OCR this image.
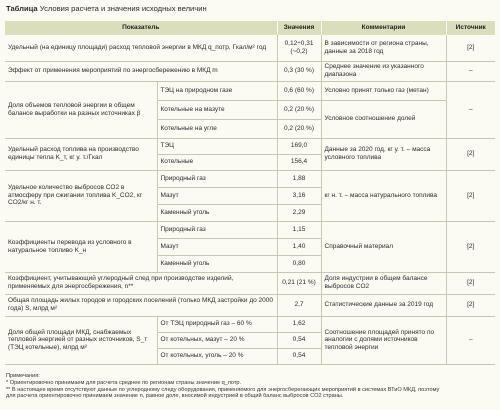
Таблица Условия расчета и значения исходных величин
Показатель		Значения	Комментарии	Источник
Удельный (на единицу площади) расход тепловой энергии в МКД q_потр, Гкал/м² год		0,12÷0,31 (~0,2)	В зависимости от региона страны, данные за 2018 год	[2]
Эффект от применения мероприятий по энергосбережению в МКД m		0,3 (30 %)	Среднее значение из указанного диапазона	–
Доля объемов тепловой энергии в общем балансе выработки на разных источниках β	ТЭЦ на природном газе	0,6 (60 %)	Условно принят только газ (метан)	–
	Котельные на мазуте	0,2 (20 %)	Условное соотношение долей	
	Котельные на угле	0,2 (20 %)		
Удельный расход топлива на производство единицы тепла K_т, кг у. т./Гкал	ТЭЦ	169,0	Данные за 2020 год, кг у. т. – масса условного топлива	[2]
	Котельные	156,4		
Удельное количество выбросов CO2 в атмосферу при сжигании топлива K_CO2, кг CO2/кг н. т.	Природный газ	1,88	кг н. т. – масса натурального топлива	[2]
	Мазут	3,16		
	Каменный уголь	2,29		
Коэффициенты перевода из условного в натуральное топливо K_н	Природный газ	1,15	Справочный материал	[2]
	Мазут	1,40		
	Каменный уголь	0,80		
Коэффициент, учитывающий углеродный след при производстве изделий, применяемых для энергосбережения, n**		0,21 (21 %)	Доля индустрии в общем балансе выбросов CO2	[2]
Общая площадь жилых городов и городских поселений (только МКД застройки до 2000 года) S, млрд м²		2,7	Статистические данные за 2019 год	[2]
Доля общей площади МКД, снабжаемых тепловой энергией от разных источников, S_т (ТЭЦ котельные), млрд м²	От ТЭЦ природный газ – 60 %	1,62	Соотношение площадей принято по аналогии с долями источников тепловой энергии	–
	От котельных, мазут – 20 %	0,54		
	От котельных, уголь – 20 %	0,54		
Примечания:
* Ориентировочно принимаем для расчета среднее по регионам страны значение q_потр.
** В настоящее время отсутствуют данные по углеродному следу оборудования, применяемого для энергосберегающих мероприятий в системах ВТиО МКД, поэтому
для расчета ориентировочно принимаем значение n, равное доле, вносимой индустрией в общий баланс выбросов CO2 страны.
